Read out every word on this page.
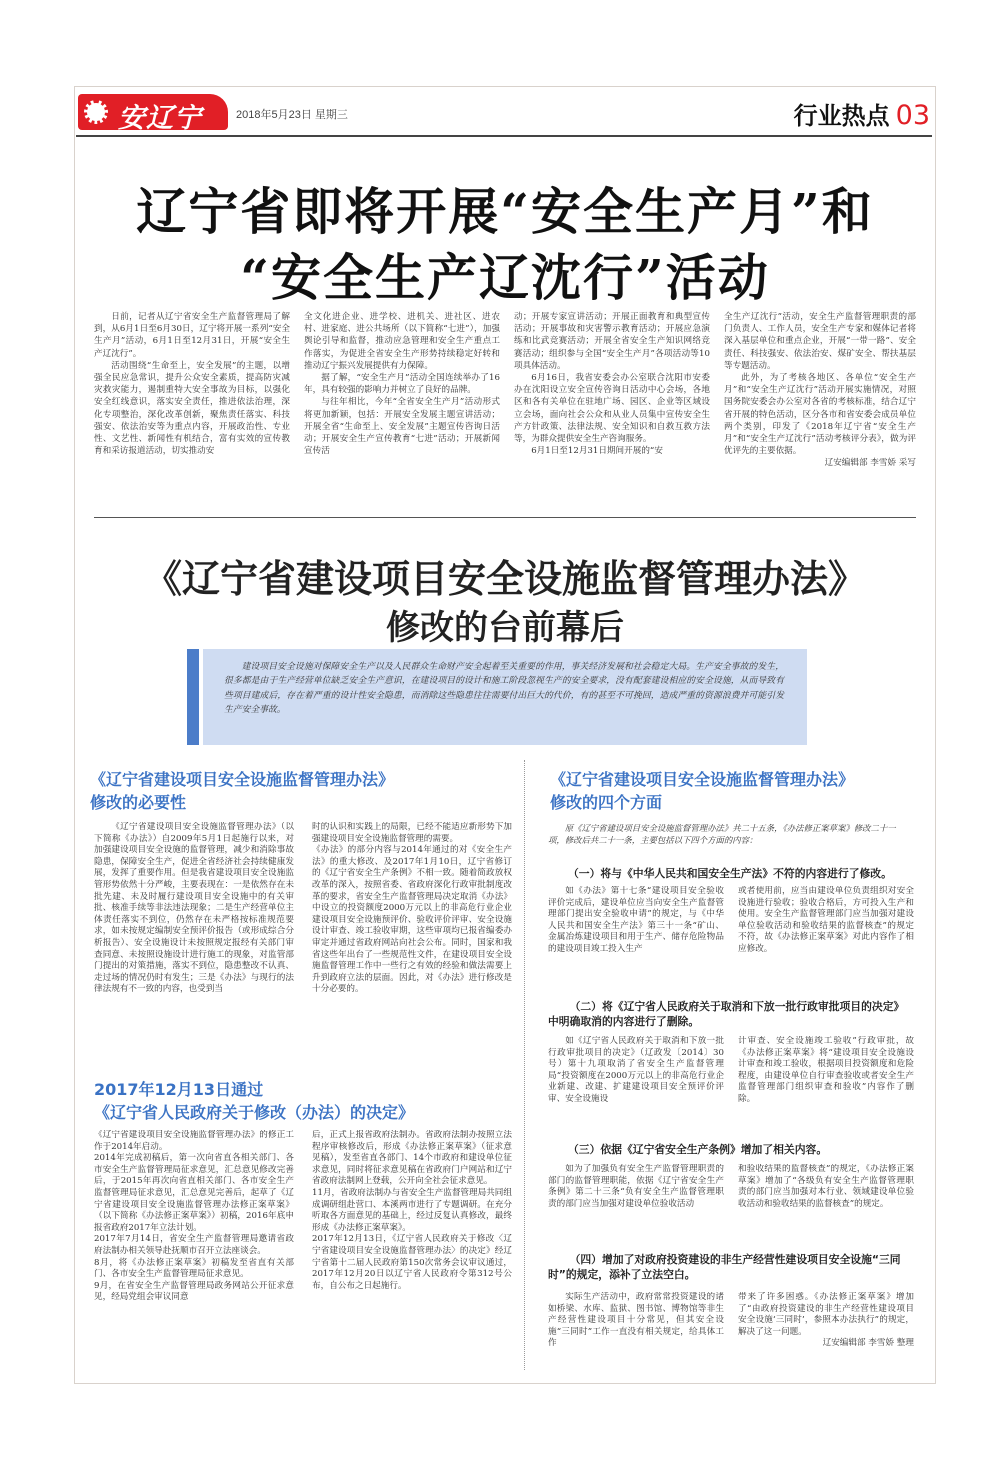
安辽宁	2018年5月23日 星期三	行业热点 03
辽宁省即将开展“安全生产月”和
“安全生产辽沈行”活动

日前，记者从辽宁省安全生产监督管理局了解到，从6月1日至6月30日，辽宁将开展一系列“安全生产月”活动，6月1日至12月31日，开展“安全生产辽沈行”。

活动围绕“生命至上，安全发展”的主题，以增强全民应急常识，提升公众安全素质，提高防灾减灾救灾能力，遏制重特大安全事故为目标，以强化安全红线意识，落实安全责任，推进依法治理，深化专项整治，深化改革创新，聚焦责任落实、科技强安、依法治安等为重点内容，开展政治性、专业性、文艺性、新闻性有机结合，富有实效的宣传教育和采访报道活动，切实推动安

全文化进企业、进学校、进机关、进社区、进农村、进家庭、进公共场所（以下简称“七进”），加强舆论引导和监督，推动应急管理和安全生产重点工作落实，为促进全省安全生产形势持续稳定好转和推动辽宁振兴发展提供有力保障。

据了解，“安全生产月”活动全国连续举办了16年，具有较强的影响力并树立了良好的品牌。

与往年相比，今年“全省安全生产月”活动形式将更加新颖，包括：开展安全发展主题宣讲活动；开展全省“生命至上、安全发展”主题宣传咨询日活动；开展安全生产宣传教育“七进”活动；开展新闻宣传活

动；开展专家宣讲活动；开展正面教育和典型宣传活动；开展事故和灾害警示教育活动；开展应急演练和比武竞赛活动；开展全省安全生产知识网络竞赛活动；组织参与全国“安全生产月”各项活动等10项具体活动。

6月16日，我省安委会办公室联合沈阳市安委办在沈阳设立安全宣传咨询日活动中心会场，各地区和各有关单位在驻地广场、园区、企业等区域设立会场，面向社会公众和从业人员集中宣传安全生产方针政策、法律法规、安全知识和自救互救方法等，为群众提供安全生产咨询服务。

6月1日至12月31日期间开展的“安

全生产辽沈行”活动，安全生产监督管理职责的部门负责人、工作人员，安全生产专家和媒体记者将深入基层单位和重点企业，开展“一带一路”、安全责任、科技强安、依法治安、煤矿安全、帮扶基层等专题活动。

此外，为了考核各地区、各单位“安全生产月”和“安全生产辽沈行”活动开展实施情况，对照国务院安委会办公室对各省的考核标准，结合辽宁省开展的特色活动，区分各市和省安委会成员单位两个类别，印发了《2018年辽宁省“安全生产月”和“安全生产辽沈行”活动考核评分表》，做为评优评先的主要依据。

辽安编辑部 李雪娇 采写

《辽宁省建设项目安全设施监督管理办法》
修改的台前幕后

建设项目安全设施对保障安全生产以及人民群众生命财产安全起着至关重要的作用，事关经济发展和社会稳定大局。生产安全事故的发生，很多都是由于生产经营单位缺乏安全生产意识，在建设项目的设计和施工阶段忽视生产的安全要求，没有配套建设相应的安全设施，从而导致有些项目建成后，存在着严重的设计性安全隐患，而消除这些隐患往往需要付出巨大的代价，有的甚至不可挽回，造成严重的资源浪费并可能引发生产安全事故。

《辽宁省建设项目安全设施监督管理办法》
修改的必要性

《辽宁省建设项目安全设施监督管理办法》（以下简称《办法》）自2009年5月1日起施行以来，对加强建设项目安全设施的监督管理，减少和消除事故隐患，保障安全生产，促进全省经济社会持续健康发展，发挥了重要作用。但是我省建设项目安全设施监管形势依然十分严峻，主要表现在：一是依然存在未批先建、未及时履行建设项目安全设施中的有关审批、核准手续等非法违法现象；二是生产经营单位主体责任落实不到位，仍然存在未严格按标准规范要求，如未按规定编制安全预评价报告（或形成综合分析报告）、安全设施设计未按照规定报经有关部门审查同意、未按照设施设计进行施工的现象，对监管部门提出的对策措施，落实不到位，隐患整改不认真、走过场的情况仍时有发生；三是《办法》与现行的法律法规有不一致的内容，也受到当

时的认识和实践上的局限，已经不能适应新形势下加强建设项目安全设施监督管理的需要。
《办法》的部分内容与2014年通过的对《安全生产法》的重大修改、及2017年1月10日，辽宁省修订的《辽宁省安全生产条例》不相一致。随着简政放权改革的深入，按照省委、省政府深化行政审批制度改革的要求，省安全生产监督管理局决定取消《办法》中设立的投资额度2000万元以上的非高危行业企业建设项目安全设施预评价、验收评价评审、安全设施设计审查、竣工验收审期，这些审项均已报省编委办审定并通过省政府网站向社会公布。同时，国家和我省这些年出台了一些规范性文件，在建设项目安全设施监督管理工作中一些行之有效的经验和做法需要上升到政府立法的层面。因此，对《办法》进行修改是十分必要的。

2017年12月13日通过
《辽宁省人民政府关于修改（办法）的决定》

《辽宁省建设项目安全设施监督管理办法》的修正工作于2014年启动。
2014年完成初稿后，第一次向省直各相关部门、各市安全生产监督管理局征求意见，汇总意见修改完善后，于2015年再次向省直相关部门、各市安全生产监督管理局征求意见，汇总意见完善后，起草了《辽宁省建设项目安全设施监督管理办法修正案草案》（以下简称《办法修正案草案》）初稿，2016年底申报省政府2017年立法计划。
2017年7月14日，省安全生产监督管理局邀请省政府法制办相关领导赴抚顺市召开立法座谈会。
8月，将《办法修正案草案》初稿发至省直有关部门、各市安全生产监督管理局征求意见。
9月，在省安全生产监督管理局政务网站公开征求意见，经局党组会审议同意

后，正式上报省政府法制办。省政府法制办按照立法程序审核修改后，形成《办法修正案草案》（征求意见稿），发至省直各部门、14个市政府和建设单位征求意见，同时将征求意见稿在省政府门户网站和辽宁省政府法制网上登载，公开向全社会征求意见。
11月，省政府法制办与省安全生产监督管理局共同组成调研组赴营口、本溪两市进行了专题调研。在充分听取各方面意见的基础上，经过反复认真修改，最终形成《办法修正案草案》。
2017年12月13日，《辽宁省人民政府关于修改〈辽宁省建设项目安全设施监督管理办法〉的决定》经辽宁省第十二届人民政府第150次常务会议审议通过，2017年12月20日以辽宁省人民政府令第312号公布，自公布之日起施行。

《辽宁省建设项目安全设施监督管理办法》
修改的四个方面

原《辽宁省建设项目安全设施监督管理办法》共二十五条，《办法修正案草案》修改二十一项，修改后共二十一条，主要包括以下四个方面的内容：

（一）将与《中华人民共和国安全生产法》不符的内容进行了修改。

如《办法》第十七条“建设项目安全验收评价完成后，建设单位应当向安全生产监督管理部门提出安全验收申请”的规定，与《中华人民共和国安全生产法》第三十一条“矿山、金属冶炼建设项目和用于生产、储存危险物品的建设项目竣工投入生产

或者使用前，应当由建设单位负责组织对安全设施进行验收；验收合格后，方可投入生产和使用。安全生产监督管理部门应当加强对建设单位验收活动和验收结果的监督核查”的规定不符，故《办法修正案草案》对此内容作了相应修改。

（二）将《辽宁省人民政府关于取消和下放一批行政审批项目的决定》中明确取消的内容进行了删除。

如《辽宁省人民政府关于取消和下放一批行政审批项目的决定》（辽政发〔2014〕30号）第十九项取消了省安全生产监督管理局“投资额度在2000万元以上的非高危行业企业新建、改建、扩建建设项目安全预评价评审、安全设施设

计审查、安全设施竣工验收”行政审批，故《办法修正案草案》将“建设项目安全设施设计审查和竣工验收，根据项目投资额度和危险程度，由建设单位自行审查验收或者安全生产监督管理部门组织审查和验收”内容作了删除。

（三）依据《辽宁省安全生产条例》增加了相关内容。

如为了加强负有安全生产监督管理职责的部门的监督管理职能，依据《辽宁省安全生产条例》第二十三条“负有安全生产监督管理职责的部门应当加强对建设单位验收活动

和验收结果的监督核查”的规定，《办法修正案草案》增加了“各级负有安全生产监督管理职责的部门应当加强对本行业、领域建设单位验收活动和验收结果的监督核查”的规定。

（四）增加了对政府投资建设的非生产经营性建设项目安全设施“三同时”的规定，添补了立法空白。

实际生产活动中，政府常常投资建设的诸如桥梁、水库、监狱、图书馆、博物馆等非生产经营性建设项目十分常见，但其安全设施“三同时”工作一直没有相关规定，给具体工作

带来了许多困惑。《办法修正案草案》增加了“由政府投资建设的非生产经营性建设项目安全设施‘三同时’，参照本办法执行”的规定，解决了这一问题。

辽安编辑部 李雪娇 整理
